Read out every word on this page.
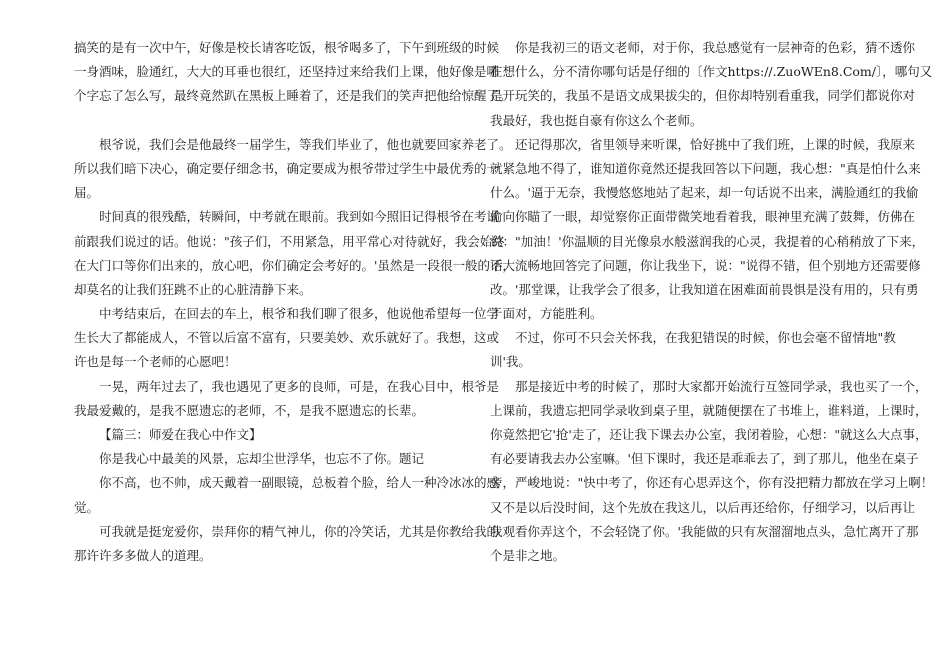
搞笑的是有一次中午，好像是校长请客吃饭，根爷喝多了，下午到班级的时候
一身酒味，脸通红，大大的耳垂也很红，还坚持过来给我们上课，他好像是哪
个字忘了怎么写，最终竟然趴在黑板上睡着了，还是我们的笑声把他给惊醒了。
根爷说，我们会是他最终一届学生，等我们毕业了，他也就要回家养老了。
所以我们暗下决心，确定要仔细念书，确定要成为根爷带过学生中最优秀的一
届。
时间真的很残酷，转瞬间，中考就在眼前。我到如今照旧记得根爷在考试
前跟我们说过的话。他说："孩子们，不用紧急，用平常心对待就好，我会始终
在大门口等你们出来的，放心吧，你们确定会考好的。'虽然是一段很一般的话，
却莫名的让我们狂跳不止的心脏清静下来。
中考结束后，在回去的车上，根爷和我们聊了很多，他说他希望每一位学
生长大了都能成人，不管以后富不富有，只要美妙、欢乐就好了。我想，这或
许也是每一个老师的心愿吧！
一晃，两年过去了，我也遇见了更多的良师，可是，在我心目中，根爷是
我最爱戴的，是我不愿遗忘的老师，不，是我不愿遗忘的长辈。
【篇三：师爱在我心中作文】
你是我心中最美的风景，忘却尘世浮华，也忘不了你。题记
你不高，也不帅，成天戴着一副眼镜，总板着个脸，给人一种冷冰冰的感
觉。
可我就是挺宠爱你，崇拜你的精气神儿，你的冷笑话，尤其是你教给我的
那许许多多做人的道理。
你是我初三的语文老师，对于你，我总感觉有一层神奇的色彩，猜不透你
在想什么，分不清你哪句话是仔细的〔作文https://.ZuoWEn8.Com/〕，哪句又
是开玩笑的，我虽不是语文成果拔尖的，但你却特别看重我，同学们都说你对
我最好，我也挺自豪有你这么个老师。
还记得那次，省里领导来听课，恰好挑中了我们班，上课的时候，我原来
就紧急地不得了，谁知道你竟然还提我回答以下问题，我心想："真是怕什么来
什么。'逼于无奈，我慢悠悠地站了起来，却一句话说不出来，满脸通红的我偷
偷向你瞄了一眼，却觉察你正面带微笑地看着我，眼神里充满了鼓舞，仿佛在
说："加油！'你温顺的目光像泉水般滋润我的心灵，我提着的心稍稍放了下来，
不大流畅地回答完了问题，你让我坐下，说："说得不错，但个别地方还需要修
改。'那堂课，让我学会了很多，让我知道在困难面前畏惧是没有用的，只有勇
于面对，方能胜利。
不过，你可不只会关怀我，在我犯错误的时候，你也会毫不留情地"教
训'我。
那是接近中考的时候了，那时大家都开始流行互签同学录，我也买了一个，
上课前，我遗忘把同学录收到桌子里，就随便摆在了书堆上，谁料道，上课时，
你竟然把它'抢'走了，还让我下课去办公室，我闭着脸，心想："就这么大点事，
有必要请我去办公室嘛。'但下课时，我还是乖乖去了，到了那儿，他坐在桌子
旁，严峻地说："快中考了，你还有心思弄这个，你有没把精力都放在学习上啊！
又不是以后没时间，这个先放在我这儿，以后再还给你，仔细学习，以后再让
我观看你弄这个，不会轻饶了你。'我能做的只有灰溜溜地点头，急忙离开了那
个是非之地。
